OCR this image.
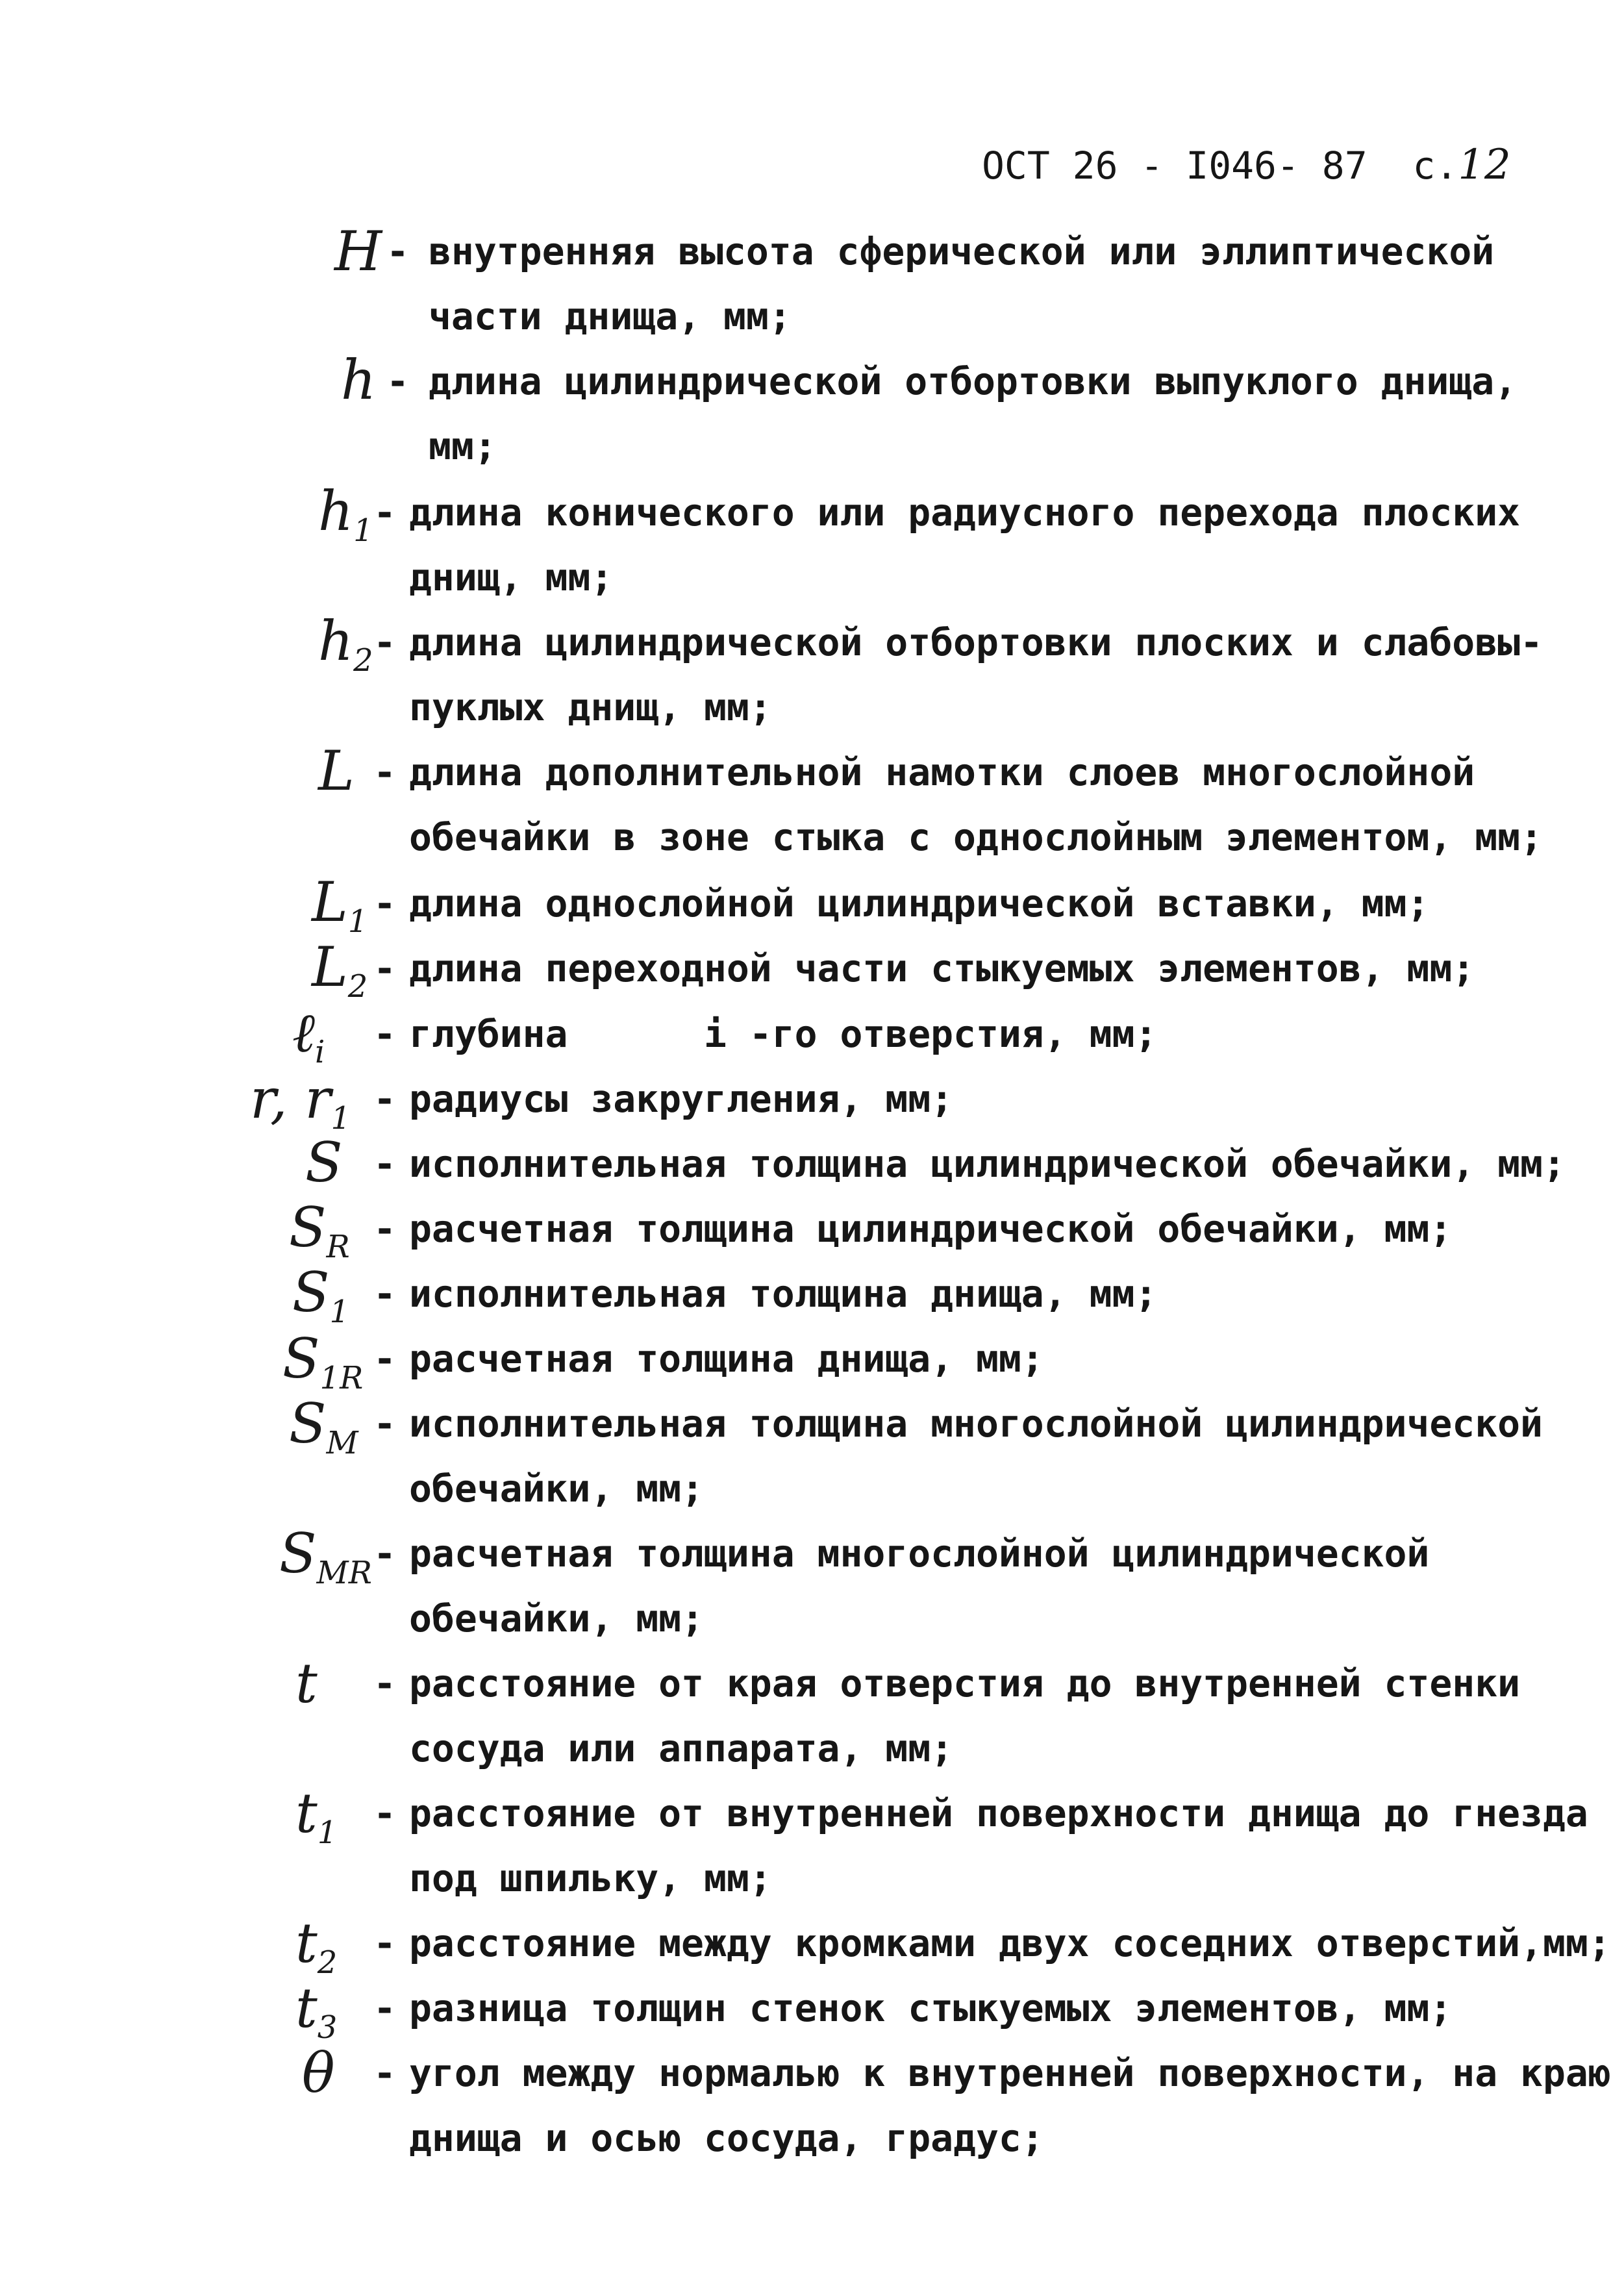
ОСТ 26 - I046- 87 с.12
H - внутренняя высота сферической или эллиптической
части днища, мм;
h - длина цилиндрической отбортовки выпуклого днища,
мм;
$h_1$ - длина конического или радиусного перехода плоских
днищ, мм;
$h_2$ - длина цилиндрической отбортовки плоских и слабовы-
пуклых днищ, мм;
L - длина дополнительной намотки слоев многослойной
обечайки в зоне стыка с однослойным элементом, мм;
$L_1$ - длина однослойной цилиндрической вставки, мм;
$L_2$ - длина переходной части стыкуемых элементов, мм;
ℓ$_i$ - глубина      i -го отверстия, мм;
r, $r_1$ - радиусы закругления, мм;
S - исполнительная толщина цилиндрической обечайки, мм;
$S_R$ - расчетная толщина цилиндрической обечайки, мм;
$S_1$ - исполнительная толщина днища, мм;
$S_{1R}$ - расчетная толщина днища, мм;
$S_M$ - исполнительная толщина многослойной цилиндрической
обечайки, мм;
$S_{MR}$ - расчетная толщина многослойной цилиндрической
обечайки, мм;
t - расстояние от края отверстия до внутренней стенки
сосуда или аппарата, мм;
$t_1$ - расстояние от внутренней поверхности днища до гнезда
под шпильку, мм;
$t_2$ - расстояние между кромками двух соседних отверстий,мм;
$t_3$ - разница толщин стенок стыкуемых элементов, мм;
θ - угол между нормалью к внутренней поверхности, на краю
днища и осью сосуда, градус;
